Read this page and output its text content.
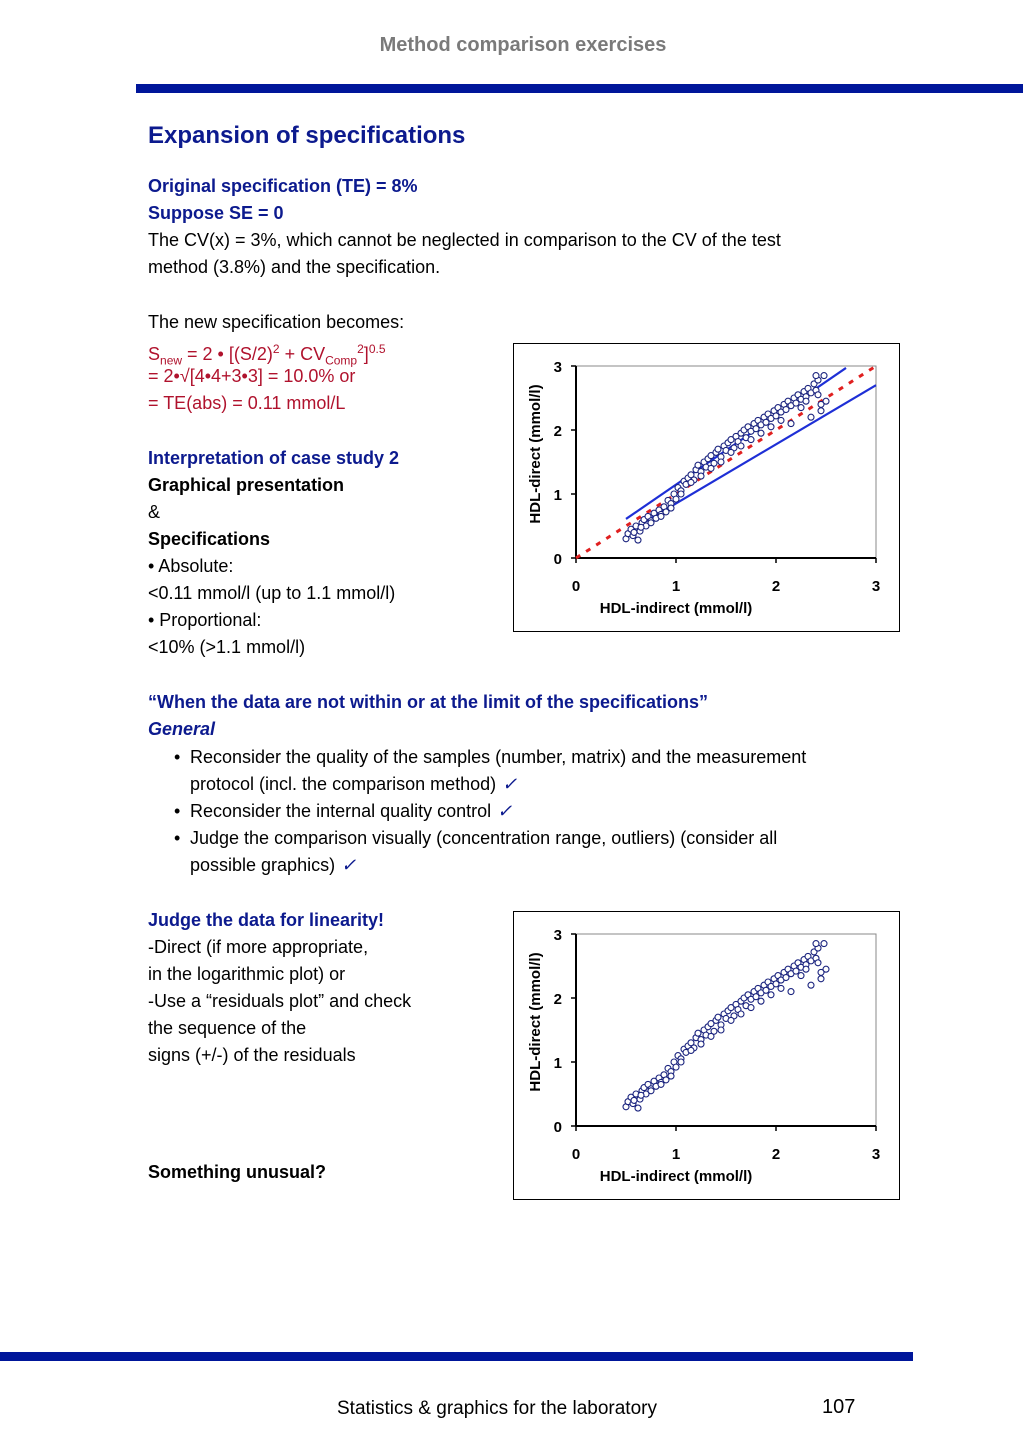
Method comparison exercises
Expansion of specifications
Original specification (TE) = 8%
Suppose SE = 0
The CV(x) = 3%, which cannot be neglected in comparison to the CV of the test
method (3.8%) and the specification.
The new specification becomes:
$S_{new} = 2$ • $[(S/2)^2 + CV_{Comp}^2]^{0.5}$
= 2•√[4•4+3•3] = 10.0% or
= TE(abs) = 0.11 mmol/L
Interpretation of case study 2
Graphical presentation
&
Specifications
• Absolute:
<0.11 mmol/l (up to 1.1 mmol/l)
• Proportional:
<10% (>1.1 mmol/l)
“When the data are not within or at the limit of the specifications”
General
Judge the data for linearity!
-Direct (if more appropriate,
in the logarithmic plot) or
-Use a “residuals plot” and check
the sequence of the
signs (+/-) of the residuals
Something unusual?
• Reconsider the quality of the samples (number, matrix) and the measurement
protocol (incl. the comparison method) ✓
• Reconsider the internal quality control ✓
• Judge the comparison visually (concentration range, outliers) (consider all
possible graphics) ✓
0	1	2	3
0
1
2
3
HDL-indirect (mmol/l)
HDL-direct (mmol/l)
0	1	2	3
0
1
2
3
HDL-indirect (mmol/l)
HDL-direct (mmol/l)
Statistics & graphics for the laboratory	107
